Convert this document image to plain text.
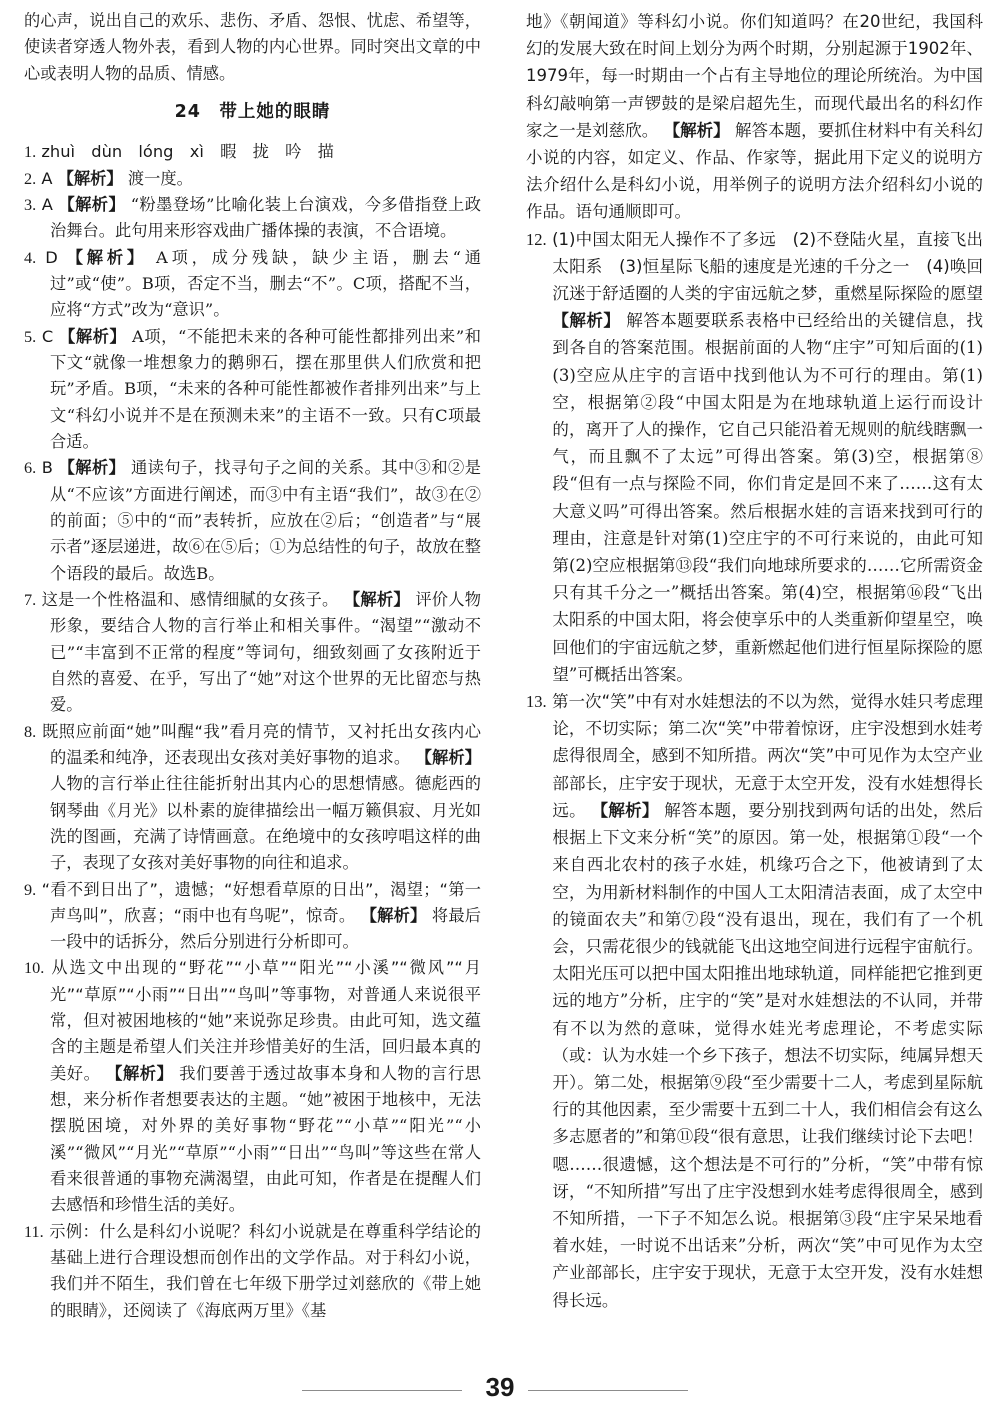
的心声，说出自己的欢乐、悲伤、矛盾、怨恨、忧虑、希望等，使读者穿透人物外表，看到人物的内心世界。同时突出文章的中心或表明人物的品质、情感。

24　带上她的眼睛

1. zhuì　dùn　lóng　xì　暇　拢　吟　描

2. A 【解析】 渡一度。

3. A 【解析】 “粉墨登场”比喻化装上台演戏，今多借指登上政治舞台。此句用来形容戏曲广播体操的表演，不合语境。

4. D 【解析】 A项，成分残缺，缺少主语，删去“通过”或“使”。B项，否定不当，删去“不”。C项，搭配不当，应将“方式”改为“意识”。

5. C 【解析】 A项，“不能把未来的各种可能性都排列出来”和下文“就像一堆想象力的鹅卵石，摆在那里供人们欣赏和把玩”矛盾。B项，“未来的各种可能性都被作者排列出来”与上文“科幻小说并不是在预测未来”的主语不一致。只有C项最合适。

6. B 【解析】 通读句子，找寻句子之间的关系。其中③和②是从“不应该”方面进行阐述，而③中有主语“我们”，故③在②的前面；⑤中的“而”表转折，应放在②后；“创造者”与“展示者”逐层递进，故⑥在⑤后；①为总结性的句子，故放在整个语段的最后。故选B。

7. 这是一个性格温和、感情细腻的女孩子。 【解析】 评价人物形象，要结合人物的言行举止和相关事件。“渴望”“激动不已”“丰富到不正常的程度”等词句，细致刻画了女孩附近于自然的喜爱、在乎，写出了“她”对这个世界的无比留恋与热爱。

8. 既照应前面“她”叫醒“我”看月亮的情节，又衬托出女孩内心的温柔和纯净，还表现出女孩对美好事物的追求。 【解析】 人物的言行举止往往能折射出其内心的思想情感。德彪西的钢琴曲《月光》以朴素的旋律描绘出一幅万籁俱寂、月光如洗的图画，充满了诗情画意。在绝境中的女孩哼唱这样的曲子，表现了女孩对美好事物的向往和追求。

9. “看不到日出了”，遗憾；“好想看草原的日出”，渴望；“第一声鸟叫”，欣喜；“雨中也有鸟呢”，惊奇。 【解析】 将最后一段中的话拆分，然后分别进行分析即可。

10. 从选文中出现的“野花”“小草”“阳光”“小溪”“微风”“月光”“草原”“小雨”“日出”“鸟叫”等事物，对普通人来说很平常，但对被困地核的“她”来说弥足珍贵。由此可知，选文蕴含的主题是希望人们关注并珍惜美好的生活，回归最本真的美好。 【解析】 我们要善于透过故事本身和人物的言行思想，来分析作者想要表达的主题。“她”被困于地核中，无法摆脱困境，对外界的美好事物“野花”“小草”“阳光”“小溪”“微风”“月光”“草原”“小雨”“日出”“鸟叫”等这些在常人看来很普通的事物充满渴望，由此可知，作者是在提醒人们去感悟和珍惜生活的美好。

11. 示例：什么是科幻小说呢？科幻小说就是在尊重科学结论的基础上进行合理设想而创作出的文学作品。对于科幻小说，我们并不陌生，我们曾在七年级下册学过刘慈欣的《带上她的眼睛》，还阅读了《海底两万里》《基

地》《朝闻道》等科幻小说。你们知道吗？在20世纪，我国科幻的发展大致在时间上划分为两个时期，分别起源于1902年、1979年，每一时期由一个占有主导地位的理论所统治。为中国科幻敲响第一声锣鼓的是梁启超先生，而现代最出名的科幻作家之一是刘慈欣。 【解析】 解答本题，要抓住材料中有关科幻小说的内容，如定义、作品、作家等，据此用下定义的说明方法介绍什么是科幻小说，用举例子的说明方法介绍科幻小说的作品。语句通顺即可。

12. (1)中国太阳无人操作不了多远　(2)不登陆火星，直接飞出太阳系　(3)恒星际飞船的速度是光速的千分之一　(4)唤回沉迷于舒适圈的人类的宇宙远航之梦，重燃星际探险的愿望 【解析】 解答本题要联系表格中已经给出的关键信息，找到各自的答案范围。根据前面的人物“庄宇”可知后面的(1)(3)空应从庄宇的言语中找到他认为不可行的理由。第(1)空，根据第②段“中国太阳是为在地球轨道上运行而设计的，离开了人的操作，它自己只能沿着无规则的航线瞎飘一气，而且飘不了太远”可得出答案。第(3)空，根据第⑧段“但有一点与探险不同，你们肯定是回不来了……这有太大意义吗”可得出答案。然后根据水娃的言语来找到可行的理由，注意是针对第(1)空庄宇的不可行来说的，由此可知第(2)空应根据第⑬段“我们向地球所要求的……它所需资金只有其千分之一”概括出答案。第(4)空，根据第⑯段“飞出太阳系的中国太阳，将会使享乐中的人类重新仰望星空，唤回他们的宇宙远航之梦，重新燃起他们进行恒星际探险的愿望”可概括出答案。

13. 第一次“笑”中有对水娃想法的不以为然，觉得水娃只考虑理论，不切实际；第二次“笑”中带着惊讶，庄宇没想到水娃考虑得很周全，感到不知所措。两次“笑”中可见作为太空产业部部长，庄宇安于现状，无意于太空开发，没有水娃想得长远。 【解析】 解答本题，要分别找到两句话的出处，然后根据上下文来分析“笑”的原因。第一处，根据第①段“一个来自西北农村的孩子水娃，机缘巧合之下，他被请到了太空，为用新材料制作的中国人工太阳清洁表面，成了太空中的镜面农夫”和第⑦段“没有退出，现在，我们有了一个机会，只需花很少的钱就能飞出这地空间进行远程宇宙航行。太阳光压可以把中国太阳推出地球轨道，同样能把它推到更远的地方”分析，庄宇的“笑”是对水娃想法的不认同，并带有不以为然的意味，觉得水娃光考虑理论，不考虑实际（或：认为水娃一个乡下孩子，想法不切实际，纯属异想天开）。第二处，根据第⑨段“至少需要十二人，考虑到星际航行的其他因素，至少需要十五到二十人，我们相信会有这么多志愿者的”和第⑪段“很有意思，让我们继续讨论下去吧！嗯……很遗憾，这个想法是不可行的”分析，“笑”中带有惊讶，“不知所措”写出了庄宇没想到水娃考虑得很周全，感到不知所措，一下子不知怎么说。根据第③段“庄宇呆呆地看着水娃，一时说不出话来”分析，两次“笑”中可见作为太空产业部部长，庄宇安于现状，无意于太空开发，没有水娃想得长远。

39
